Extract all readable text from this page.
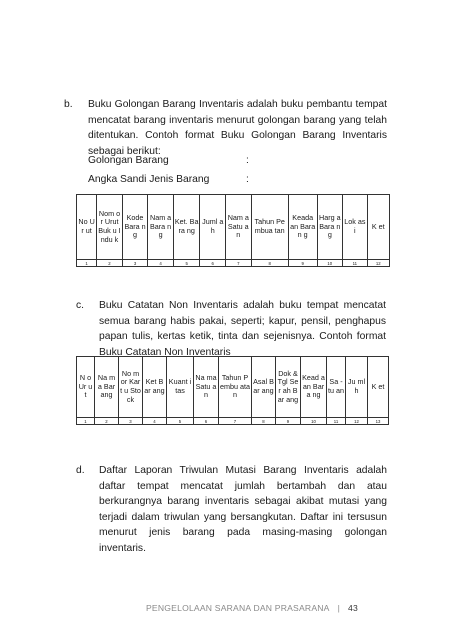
b. Buku Golongan Barang Inventaris adalah buku pembantu tempat mencatat barang inventaris menurut golongan barang yang telah ditentukan. Contoh format Buku Golongan Barang Inventaris sebagai berikut:
Golongan Barang	:
Angka Sandi Jenis Barang	:
No Ur ut	Nom or Urut Buk u Indu k	Kode Bara ng	Nam a Bara ng	Ket. Bara ng	Juml ah	Nam a Satu an	Tahun Pembua tan	Keada an Baran g	Harg a Bara ng	Lok asi	K et
1	2	3	4	5	6	7	8	9	10	11	12
c. Buku Catatan Non Inventaris adalah buku tempat mencatat semua barang habis pakai, seperti; kapur, pensil, penghapus papan tulis, kertas ketik, tinta dan sejenisnya. Contoh format Buku Catatan Non Inventaris
N o Ur ut	Na ma Bar ang	No mor Kart u Sto ck	Ket Bar ang	Kuant itas	Na ma Satu an	Tahun Pembu atan	Asal Bar ang	Dok & Tgl Ser ah Bar ang	Kead aan Bara ng	Sa - tu an	Ju mlh	K et
1	2	3	4	5	6	7	8	9	10	11	12	13
d. Daftar Laporan Triwulan Mutasi Barang Inventaris adalah daftar tempat mencatat jumlah bertambah dan atau berkurangnya barang inventaris sebagai akibat mutasi yang terjadi dalam triwulan yang bersangkutan. Daftar ini tersusun menurut jenis barang pada masing-masing golongan inventaris.
PENGELOLAAN SARANA DAN PRASARANA | 43
